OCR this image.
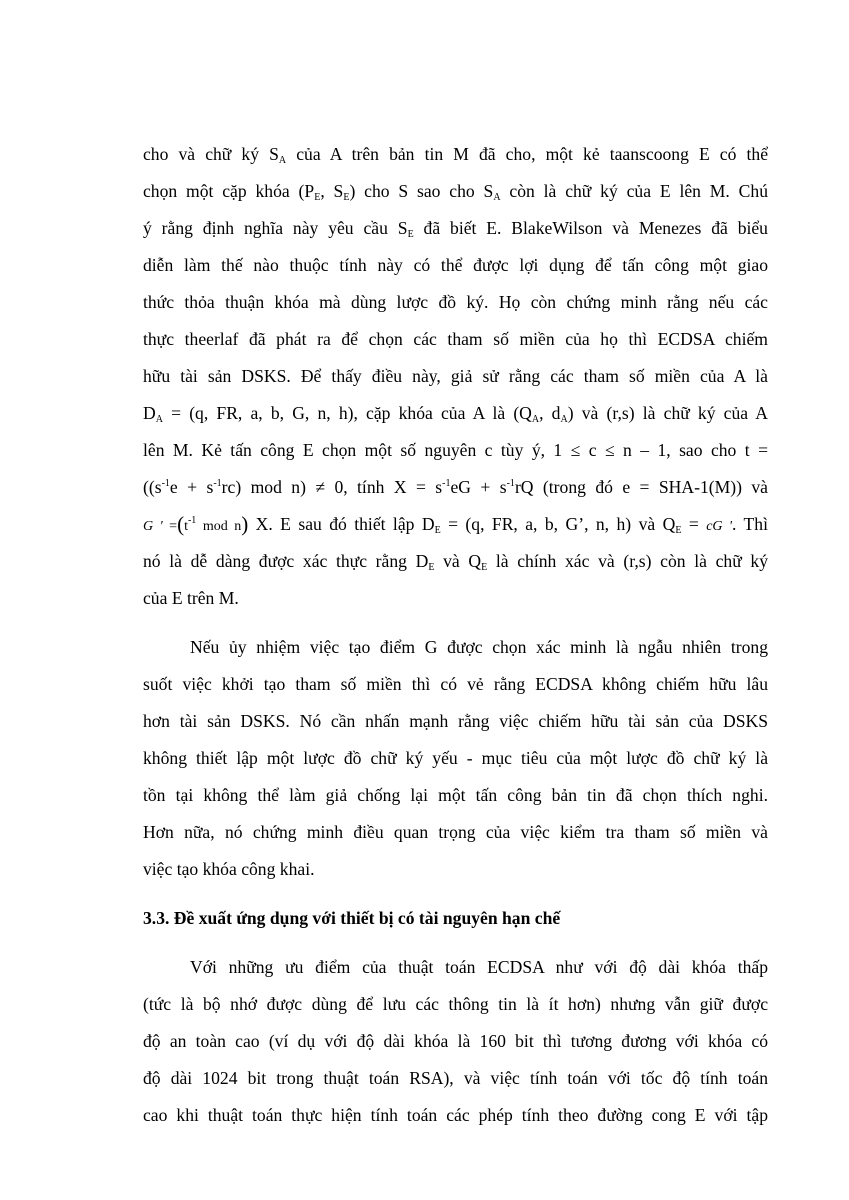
cho và chữ ký $S_A$ của A trên bản tin M đã cho, một kẻ taanscoong E có thể
chọn một cặp khóa ($P_E$, $S_E$) cho S sao cho $S_A$ còn là chữ ký của E lên M. Chú
ý rằng định nghĩa này yêu cầu $S_E$ đã biết E. BlakeWilson và Menezes đã biểu
diễn làm thế nào thuộc tính này có thể được lợi dụng để tấn công một giao
thức thỏa thuận khóa mà dùng lược đồ ký. Họ còn chứng minh rằng nếu các
thực theerlaf đã phát ra để chọn các tham số miền của họ thì ECDSA chiếm
hữu tài sản DSKS. Để thấy điều này, giả sử rằng các tham số miền của A là
$D_A = (q$, FR, a, b, G, n, h), cặp khóa của A là ($Q_A$, $d_A$) và (r,s) là chữ ký của A
lên M. Kẻ tấn công E chọn một số nguyên c tùy ý, 1 ≤ c ≤ n – 1, sao cho t =
($(s^{-1}e + s^{-1}rc)$ mod n) ≠ 0, tính $X = s^{-1}eG + s^{-1}rQ$ (trong đó e = SHA-1(M)) và
G ' $=(t^{-1}$ mod n) X. E sau đó thiết lập $D_E = (q$, FR, a, b, G’, n, h) và $Q_E$ = cG '. Thì
nó là dễ dàng được xác thực rằng $D_E$ và $Q_E$ là chính xác và (r,s) còn là chữ ký
của E trên M.
Nếu ủy nhiệm việc tạo điểm G được chọn xác minh là ngẫu nhiên trong
suốt việc khởi tạo tham số miền thì có vẻ rằng ECDSA không chiếm hữu lâu
hơn tài sản DSKS. Nó cần nhấn mạnh rằng việc chiếm hữu tài sản của DSKS
không thiết lập một lược đồ chữ ký yếu - mục tiêu của một lược đồ chữ ký là
tồn tại không thể làm giả chống lại một tấn công bản tin đã chọn thích nghi.
Hơn nữa, nó chứng minh điều quan trọng của việc kiểm tra tham số miền và
việc tạo khóa công khai.
3.3. Đề xuất ứng dụng với thiết bị có tài nguyên hạn chế
Với những ưu điểm của thuật toán ECDSA như với độ dài khóa thấp
(tức là bộ nhớ được dùng để lưu các thông tin là ít hơn) nhưng vẫn giữ được
độ an toàn cao (ví dụ với độ dài khóa là 160 bit thì tương đương với khóa có
độ dài 1024 bit trong thuật toán RSA), và việc tính toán với tốc độ tính toán
cao khi thuật toán thực hiện tính toán các phép tính theo đường cong E với tập
